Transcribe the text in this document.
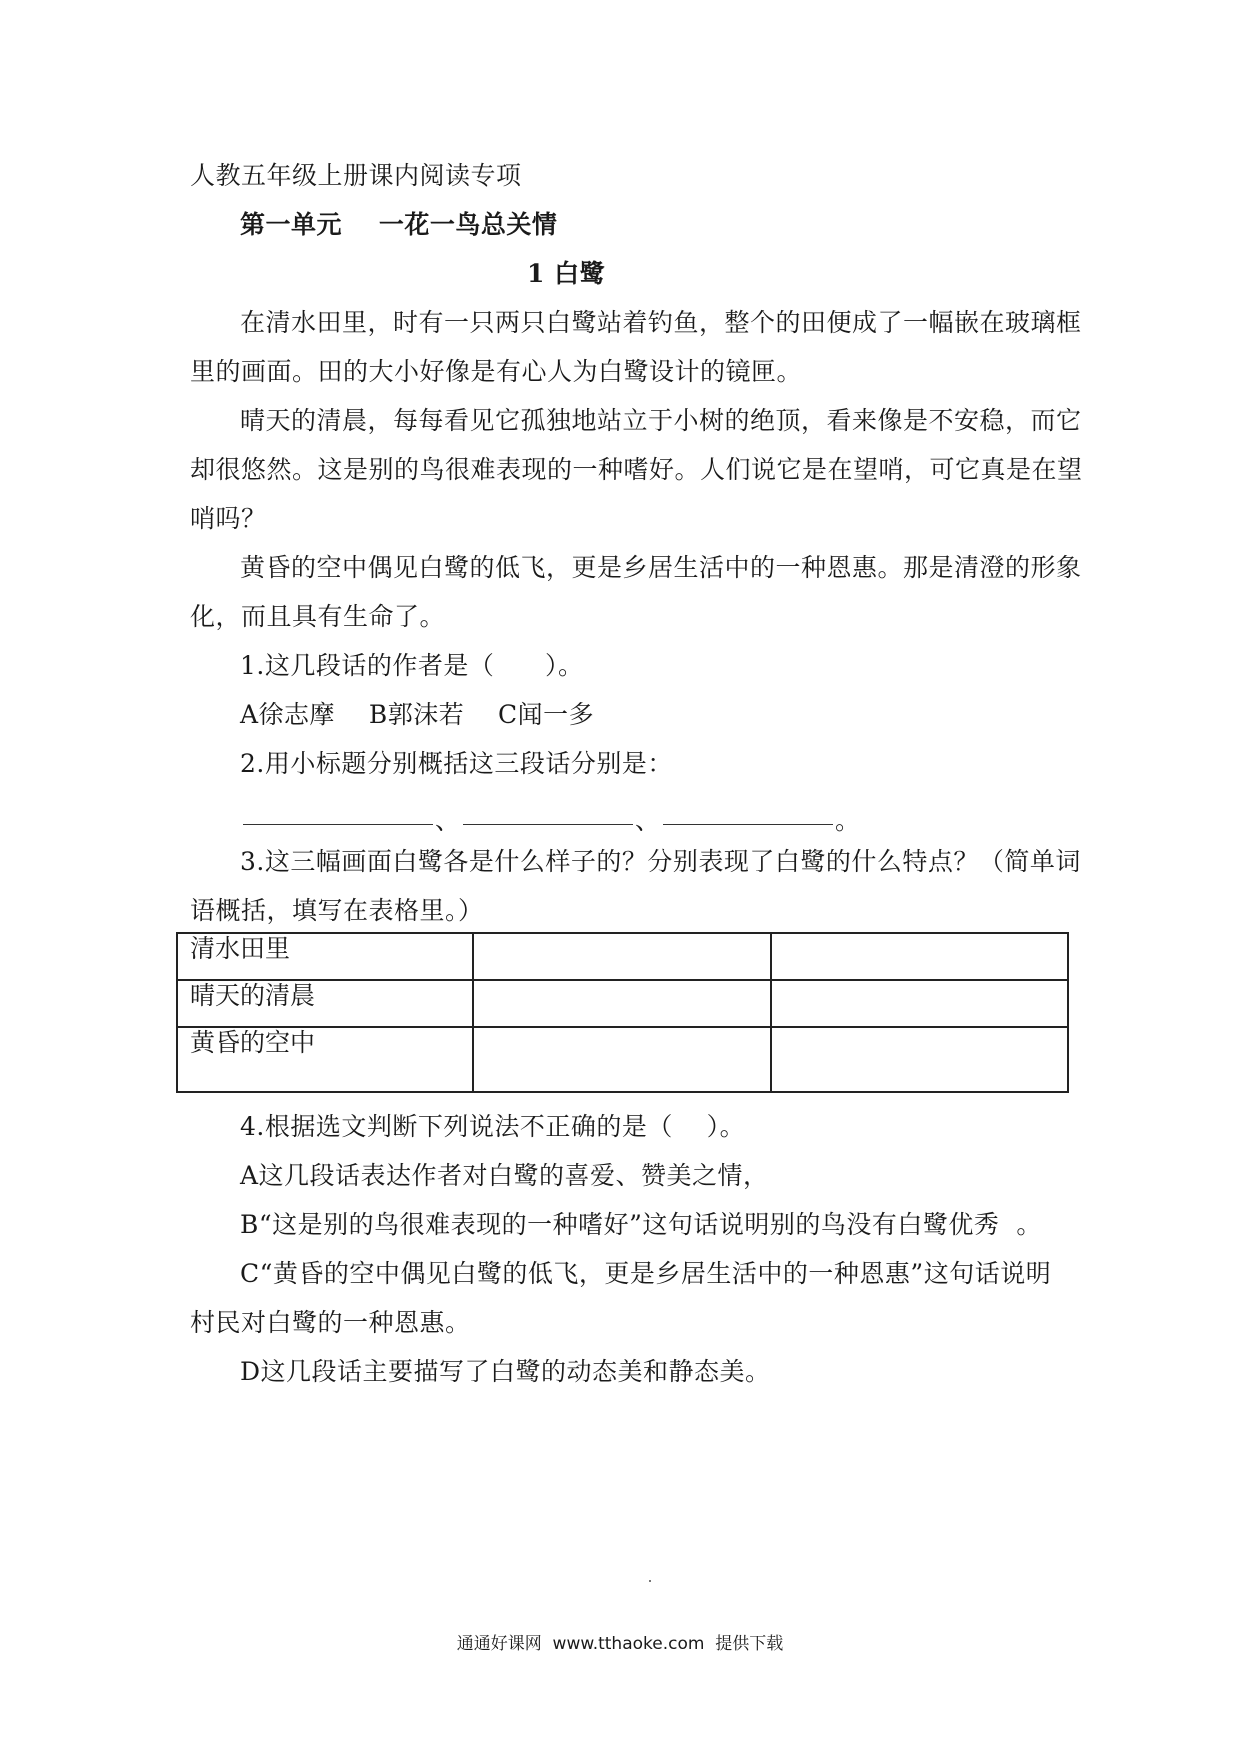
人教五年级上册课内阅读专项
第一单元    一花一鸟总关情
1 白鹭
在清水田里，时有一只两只白鹭站着钓鱼，整个的田便成了一幅嵌在玻璃框
里的画面。田的大小好像是有心人为白鹭设计的镜匣。
晴天的清晨，每每看见它孤独地站立于小树的绝顶，看来像是不安稳，而它
却很悠然。这是别的鸟很难表现的一种嗜好。人们说它是在望哨，可它真是在望
哨吗？
黄昏的空中偶见白鹭的低飞，更是乡居生活中的一种恩惠。那是清澄的形象
化，而且具有生命了。
1.这几段话的作者是（      ）。
A徐志摩    B郭沫若    C闻一多
2.用小标题分别概括这三段话分别是：
、	、	。
3.这三幅画面白鹭各是什么样子的？分别表现了白鹭的什么特点？（简单词
语概括，填写在表格里。）
清水田里		
晴天的清晨		
黄昏的空中		
4.根据选文判断下列说法不正确的是（    ）。
A这几段话表达作者对白鹭的喜爱、赞美之情，
B“这是别的鸟很难表现的一种嗜好”这句话说明别的鸟没有白鹭优秀  。
C“黄昏的空中偶见白鹭的低飞，更是乡居生活中的一种恩惠”这句话说明
村民对白鹭的一种恩惠。
D这几段话主要描写了白鹭的动态美和静态美。
通通好课网  www.tthaoke.com  提供下载
